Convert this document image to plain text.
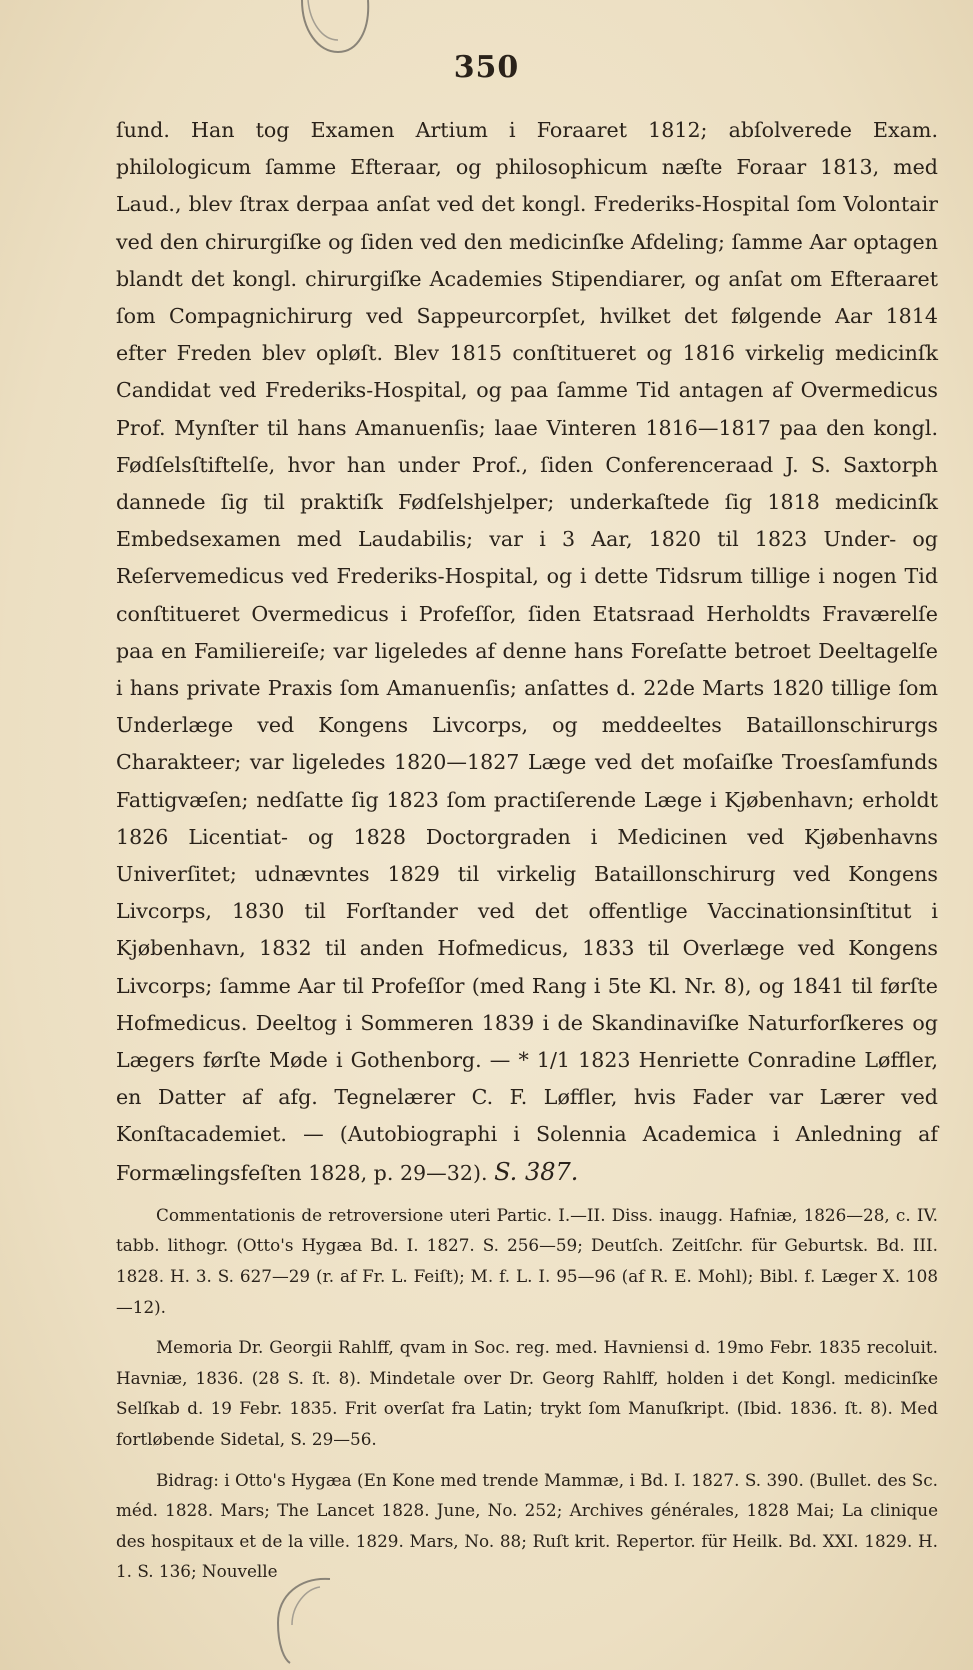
350

ſund. Han tog Examen Artium i Foraaret 1812; abſolverede Exam. philologicum ſamme Efteraar, og philosophicum næſte Foraar 1813, med Laud., blev ſtrax derpaa anſat ved det kongl. Frederiks‑Hospital ſom Volontair ved den chirurgiſke og ſiden ved den medicinſke Afdeling; ſamme Aar optagen blandt det kongl. chirurgiſke Academies Stipendiarer, og anſat om Efteraaret ſom Compagnichirurg ved Sappeurcorpſet, hvilket det følgende Aar 1814 efter Freden blev opløſt. Blev 1815 conſtitueret og 1816 virkelig medicinſk Candidat ved Frederiks‑Hospital, og paa ſamme Tid antagen af Overmedicus Prof. Mynſter til hans Amanuenſis; laae Vinteren 1816—1817 paa den kongl. Fødſelsſtiftelſe, hvor han under Prof., ſiden Conferenceraad J. S. Saxtorph dannede ſig til praktiſk Fødſelshjelper; underkaſtede ſig 1818 medicinſk Embedsexamen med Laudabilis; var i 3 Aar, 1820 til 1823 Under‑ og Reſervemedicus ved Frederiks‑Hospital, og i dette Tidsrum tillige i nogen Tid conſtitueret Overmedicus i Profeſſor, ſiden Etatsraad Herholdts Fraværelſe paa en Familiereiſe; var ligeledes af denne hans Foreſatte betroet Deeltagelſe i hans private Praxis ſom Amanuenſis; anſattes d. 22de Marts 1820 tillige ſom Underlæge ved Kongens Livcorps, og meddeeltes Bataillonschirurgs Charakteer; var ligeledes 1820—1827 Læge ved det moſaiſke Troesſamfunds Fattigvæſen; nedſatte ſig 1823 ſom practiſerende Læge i Kjøbenhavn; erholdt 1826 Licentiat‑ og 1828 Doctorgraden i Medicinen ved Kjøbenhavns Univerſitet; udnævntes 1829 til virkelig Bataillonschirurg ved Kongens Livcorps, 1830 til Forſtander ved det offentlige Vaccinationsinſtitut i Kjøbenhavn, 1832 til anden Hofmedicus, 1833 til Overlæge ved Kongens Livcorps; ſamme Aar til Profeſſor (med Rang i 5te Kl. Nr. 8), og 1841 til førſte Hofmedicus. Deeltog i Sommeren 1839 i de Skandinaviſke Naturforſkeres og Lægers førſte Møde i Gothenborg. — * 1/1 1823 Henriette Conradine Løffler, en Datter af afg. Tegnelærer C. F. Løffler, hvis Fader var Lærer ved Konſtacademiet. — (Autobiographi i Solennia Academica i Anledning af Formælingsfeſten 1828, p. 29—32). S. 387.

Commentationis de retroversione uteri Partic. I.—II. Diss. inaugg. Hafniæ, 1826—28, c. IV. tabb. lithogr. (Otto's Hygæa Bd. I. 1827. S. 256—59; Deutſch. Zeitſchr. für Geburtsk. Bd. III. 1828. H. 3. S. 627—29 (r. af Fr. L. Feiſt); M. f. L. I. 95—96 (af R. E. Mohl); Bibl. f. Læger X. 108—12).

Memoria Dr. Georgii Rahlff, qvam in Soc. reg. med. Havniensi d. 19mo Febr. 1835 recoluit. Havniæ, 1836. (28 S. ſt. 8). Mindetale over Dr. Georg Rahlff, holden i det Kongl. medicinſke Selſkab d. 19 Febr. 1835. Frit overſat fra Latin; trykt ſom Manuſkript. (Ibid. 1836. ſt. 8). Med fortløbende Sidetal, S. 29—56.

Bidrag: i Otto's Hygæa (En Kone med trende Mammæ, i Bd. I. 1827. S. 390. (Bullet. des Sc. méd. 1828. Mars; The Lancet 1828. June, No. 252; Archives générales, 1828 Mai; La clinique des hospitaux et de la ville. 1829. Mars, No. 88; Ruſt krit. Repertor. für Heilk. Bd. XXI. 1829. H. 1. S. 136; Nouvelle
